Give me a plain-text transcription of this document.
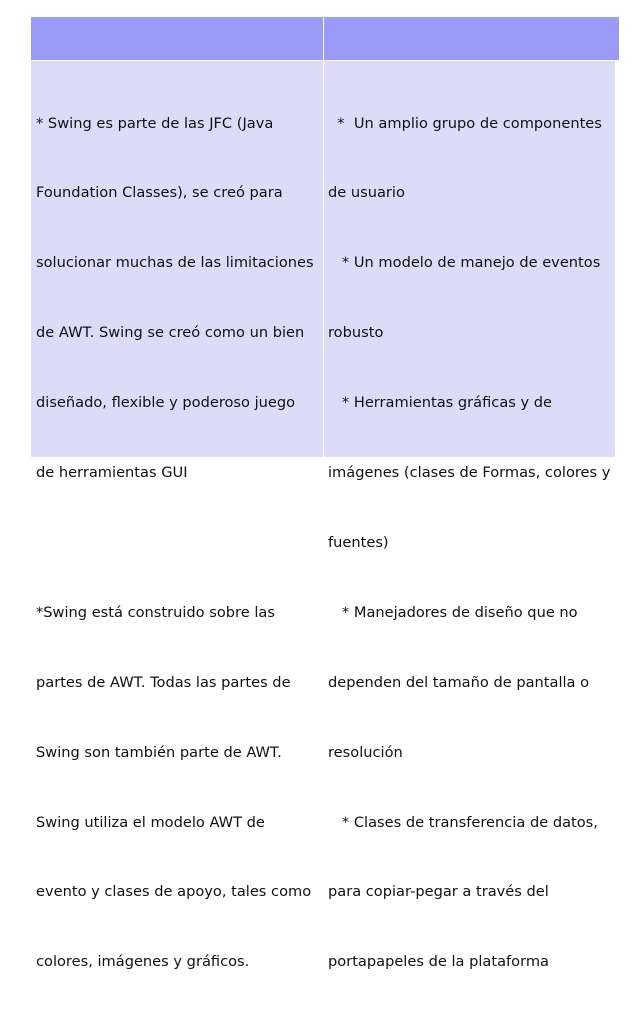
* Swing es parte de las JFC (Java

Foundation Classes), se creó para

solucionar muchas de las limitaciones

de AWT. Swing se creó como un bien

diseñado, flexible y poderoso juego

de herramientas GUI

*Swing está construido sobre las

partes de AWT. Todas las partes de

Swing son también parte de AWT.

Swing utiliza el modelo AWT de

evento y clases de apoyo, tales como

colores, imágenes y gráficos.

*  Un amplio grupo de componentes

de usuario

* Un modelo de manejo de eventos

robusto

* Herramientas gráficas y de

imágenes (clases de Formas, colores y

fuentes)

* Manejadores de diseño que no

dependen del tamaño de pantalla o

resolución

* Clases de transferencia de datos,

para copiar-pegar a través del

portapapeles de la plataforma
